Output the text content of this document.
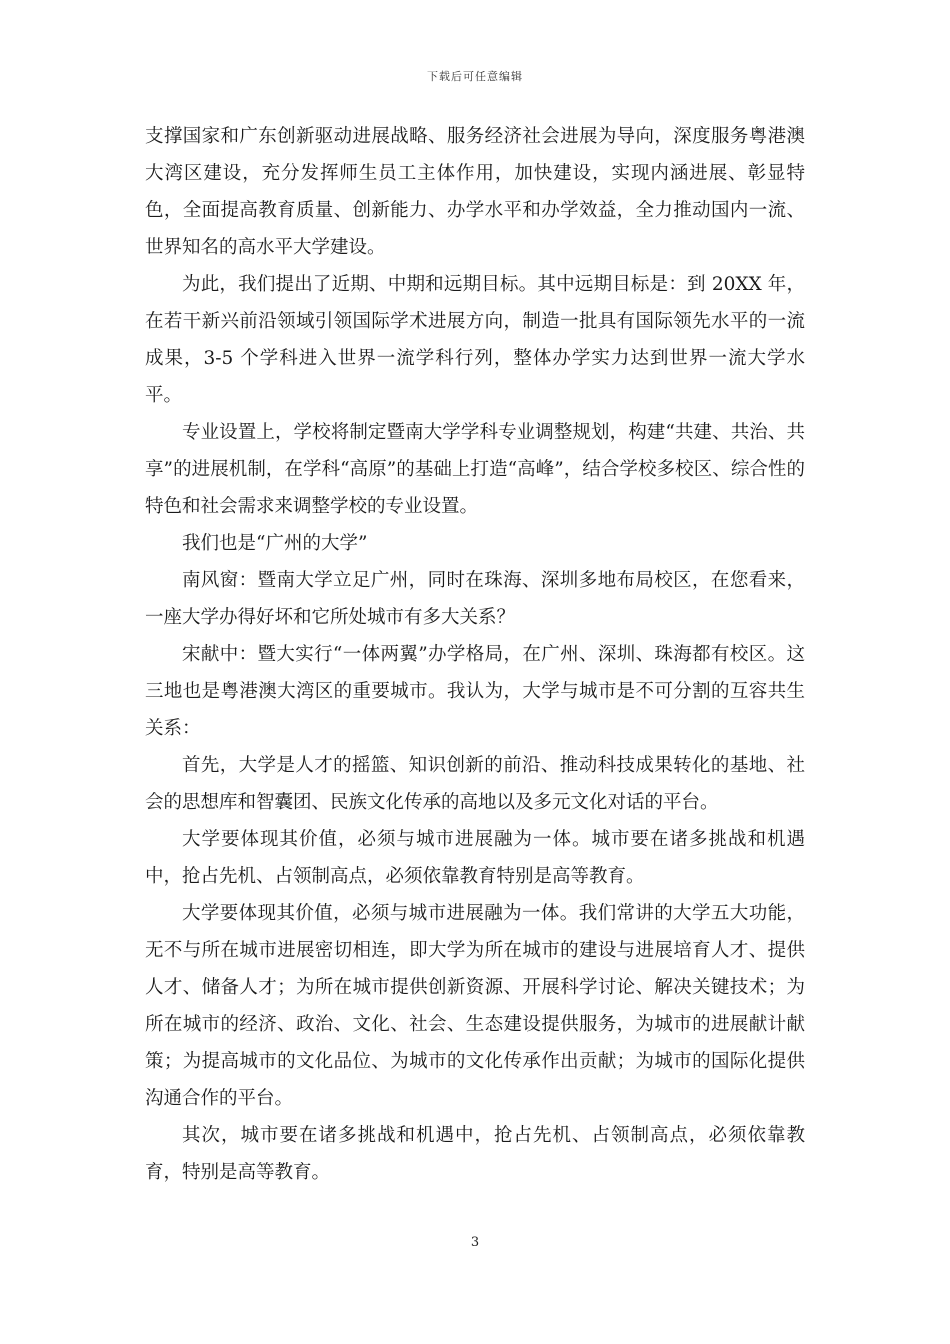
下载后可任意编辑

支撑国家和广东创新驱动进展战略、服务经济社会进展为导向，深度服务粤港澳大湾区建设，充分发挥师生员工主体作用，加快建设，实现内涵进展、彰显特色，全面提高教育质量、创新能力、办学水平和办学效益，全力推动国内一流、世界知名的高水平大学建设。

为此，我们提出了近期、中期和远期目标。其中远期目标是：到 20XX 年，在若干新兴前沿领域引领国际学术进展方向，制造一批具有国际领先水平的一流成果，3-5 个学科进入世界一流学科行列，整体办学实力达到世界一流大学水平。

专业设置上，学校将制定暨南大学学科专业调整规划，构建“共建、共治、共享”的进展机制，在学科“高原”的基础上打造“高峰”，结合学校多校区、综合性的特色和社会需求来调整学校的专业设置。

我们也是“广州的大学”

南风窗：暨南大学立足广州，同时在珠海、深圳多地布局校区，在您看来，一座大学办得好坏和它所处城市有多大关系？

宋献中：暨大实行“一体两翼”办学格局，在广州、深圳、珠海都有校区。这三地也是粤港澳大湾区的重要城市。我认为，大学与城市是不可分割的互容共生关系：

首先，大学是人才的摇篮、知识创新的前沿、推动科技成果转化的基地、社会的思想库和智囊团、民族文化传承的高地以及多元文化对话的平台。

大学要体现其价值，必须与城市进展融为一体。城市要在诸多挑战和机遇中，抢占先机、占领制高点，必须依靠教育特别是高等教育。

大学要体现其价值，必须与城市进展融为一体。我们常讲的大学五大功能，无不与所在城市进展密切相连，即大学为所在城市的建设与进展培育人才、提供人才、储备人才；为所在城市提供创新资源、开展科学讨论、解决关键技术；为所在城市的经济、政治、文化、社会、生态建设提供服务，为城市的进展献计献策；为提高城市的文化品位、为城市的文化传承作出贡献；为城市的国际化提供沟通合作的平台。

其次，城市要在诸多挑战和机遇中，抢占先机、占领制高点，必须依靠教育，特别是高等教育。

3
